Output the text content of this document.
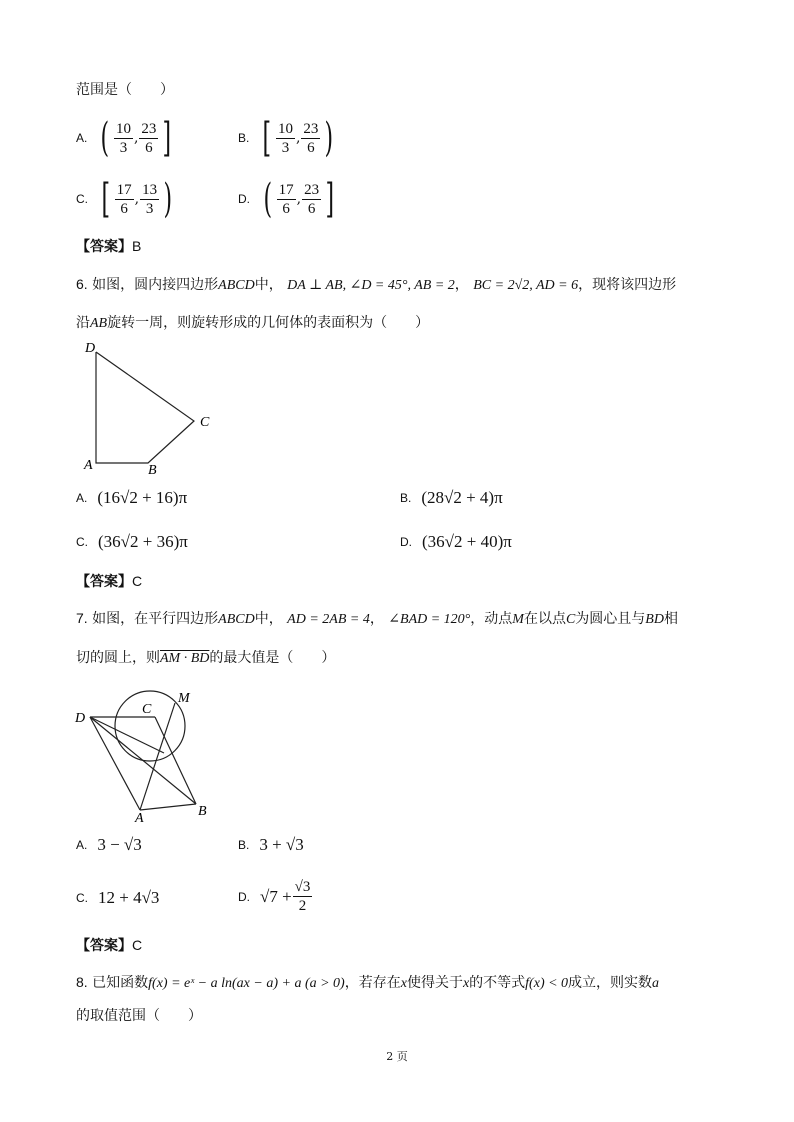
范围是（　　）
A. ( $\frac{10}{3}$ , $\frac{23}{6}$ ]	B. [ $\frac{10}{3}$ , $\frac{23}{6}$ )
C. [ $\frac{17}{6}$ , $\frac{13}{3}$ )	D. ( $\frac{17}{6}$ , $\frac{23}{6}$ ]
【答案】B
6. 如图，圆内接四边形ABCD中， DA ⊥ AB, ∠D = 45°, AB = 2， BC = 2√2, AD = 6，现将该四边形
沿AB旋转一周，则旋转形成的几何体的表面积为（　　）
D
A	B
C
A. (16√2 + 16)π	B. (28√2 + 4)π
C. (36√2 + 36)π	D. (36√2 + 40)π
【答案】C
7. 如图，在平行四边形ABCD中， AD = 2AB = 4， ∠BAD = 120°，动点M在以点C为圆心且与BD相
切的圆上，则AM · BD的最大值是（　　）
D
C
M
A	B
A. 3 − √3	B. 3 + √3
C. 12 + 4√3	D. $√7 + \frac{√3}{2}$
【答案】C
8. 已知函数f(x) = eˣ − a ln(ax − a) + a (a > 0)，若存在x使得关于x的不等式f(x) < 0成立，则实数a
的取值范围（　　）
2 页
